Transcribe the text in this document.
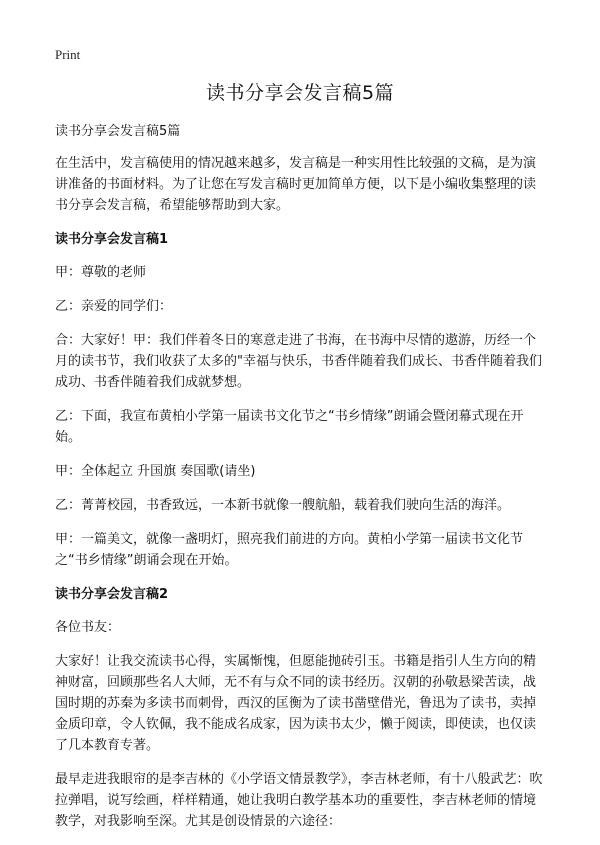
Print
读书分享会发言稿5篇

读书分享会发言稿5篇

在生活中，发言稿使用的情况越来越多，发言稿是一种实用性比较强的文稿，是为演讲准备的书面材料。为了让您在写发言稿时更加简单方便，以下是小编收集整理的读书分享会发言稿，希望能够帮助到大家。

读书分享会发言稿1

甲：尊敬的老师

乙：亲爱的同学们：

合：大家好！甲：我们伴着冬日的寒意走进了书海，在书海中尽情的遨游，历经一个月的读书节，我们收获了太多的"幸福与快乐，书香伴随着我们成长、书香伴随着我们成功、书香伴随着我们成就梦想。

乙：下面，我宣布黄柏小学第一届读书文化节之“书乡情缘”朗诵会暨闭幕式现在开始。

甲：全体起立 升国旗 奏国歌(请坐)

乙：菁菁校园，书香致远，一本新书就像一艘航船，载着我们驶向生活的海洋。

甲：一篇美文，就像一盏明灯，照亮我们前进的方向。黄柏小学第一届读书文化节之“书乡情缘”朗诵会现在开始。

读书分享会发言稿2

各位书友：

大家好！让我交流读书心得，实属惭愧，但愿能抛砖引玉。书籍是指引人生方向的精神财富，回顾那些名人大师，无不有与众不同的读书经历。汉朝的孙敬悬梁苦读，战国时期的苏秦为多读书而刺骨，西汉的匡衡为了读书凿壁借光，鲁迅为了读书，卖掉金质印章，令人钦佩，我不能成名成家，因为读书太少，懒于阅读，即使读，也仅读了几本教育专著。

最早走进我眼帘的是李吉林的《小学语文情景教学》，李吉林老师，有十八般武艺：吹拉弹唱，说写绘画，样样精通，她让我明白教学基本功的重要性，李吉林老师的情境教学，对我影响至深。尤其是创设情景的六途径：
